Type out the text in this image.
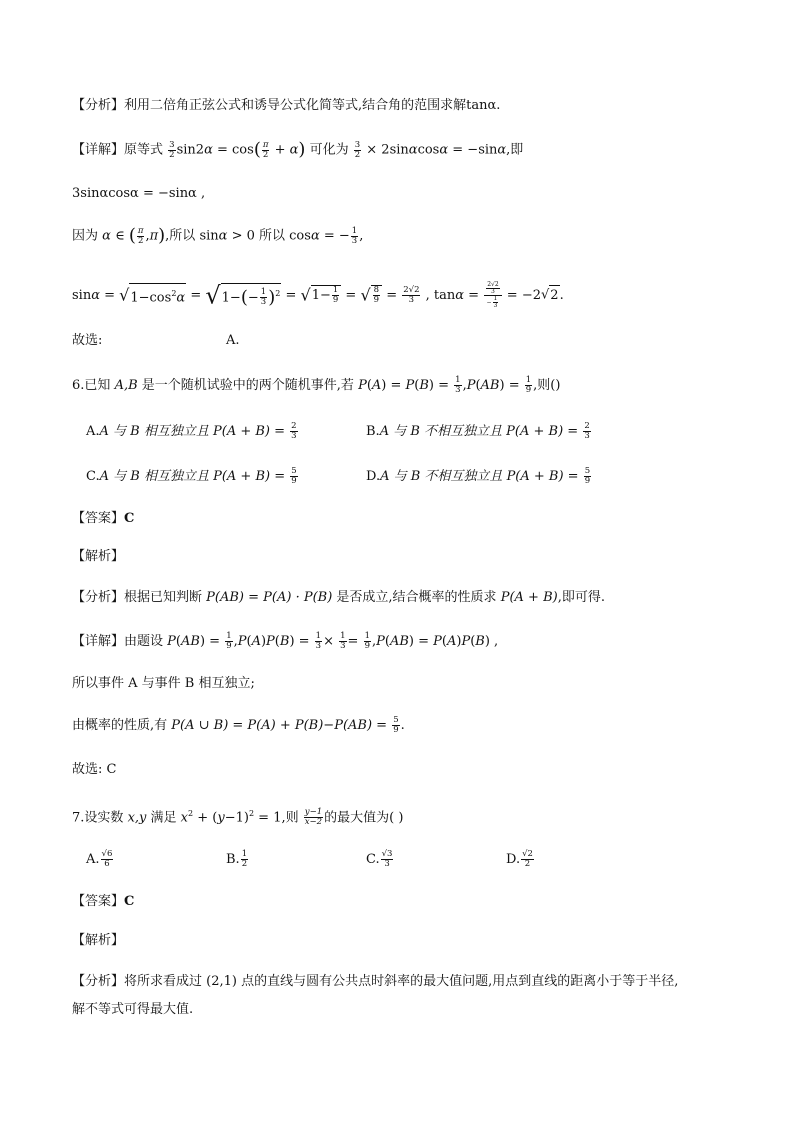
【分析】利用二倍角正弦公式和诱导公式化简等式,结合角的范围求解tanα.
【详解】原等式 $\frac{3}{2} \sin 2\alpha = \cos( \frac{\pi}{2} + \alpha)$ 可化为 $\frac{3}{2} \times 2\sin\alpha\cos\alpha = -\sin\alpha$,即
3sinαcosα = −sinα ,
因为 α ∈ ( $\frac{\pi}{2} ,\pi$),所以 sinα > 0 所以 cosα = − $\frac{1}{3}$ ,
$\sin\alpha = √1-\cos^2\alpha = √1-(- \frac{1}{3} )^2 = √1- \frac{1}{9}$ = √ $\frac{8}{9} = \frac{2√2}{3}$ , $\tan\alpha = \frac{\frac{2√2}{3}}{- \frac{1}{3}} = -2√2$.
故选:	A.
6.已知 A,B 是一个随机试验中的两个随机事件,若 $P(A) = P(B) = \frac{1}{3} ,P(AB) = \frac{1}{9}$ ,则()
A.A 与 B 相互独立且 $P(A + B) = \frac{2}{3}$	B.A 与 B 不相互独立且 $P(A + B) = \frac{2}{3}$
C.A 与 B 相互独立且 $P(A + B) = \frac{5}{9}$	D.A 与 B 不相互独立且 $P(A + B) = \frac{5}{9}$
【答案】C
【解析】
【分析】根据已知判断 P(AB) = P(A) · P(B) 是否成立,结合概率的性质求 P(A + B),即可得.
【详解】由题设 $P(AB) = \frac{1}{9} ,P(A)P(B) = \frac{1}{3} \times \frac{1}{3} = \frac{1}{9} ,P(AB) = P(A)P(B)$ ,
所以事件 A 与事件 B 相互独立;
由概率的性质,有 P(A ∪ $B) = P(A) + P(B)-P(AB) = \frac{5}{9}$ .
故选: C
7.设实数 x,y 满足 $x^2 + (y-1)^2 = 1$,则 $\frac{y-1}{x-2}$ 的最大值为( )
A. $\frac{√6}{6}$	B. $\frac{1}{2}$	C. $\frac{√3}{3}$	D. $\frac{√2}{2}$
【答案】C
【解析】
【分析】将所求看成过 (2,1) 点的直线与圆有公共点时斜率的最大值问题,用点到直线的距离小于等于半径,
解不等式可得最大值.
